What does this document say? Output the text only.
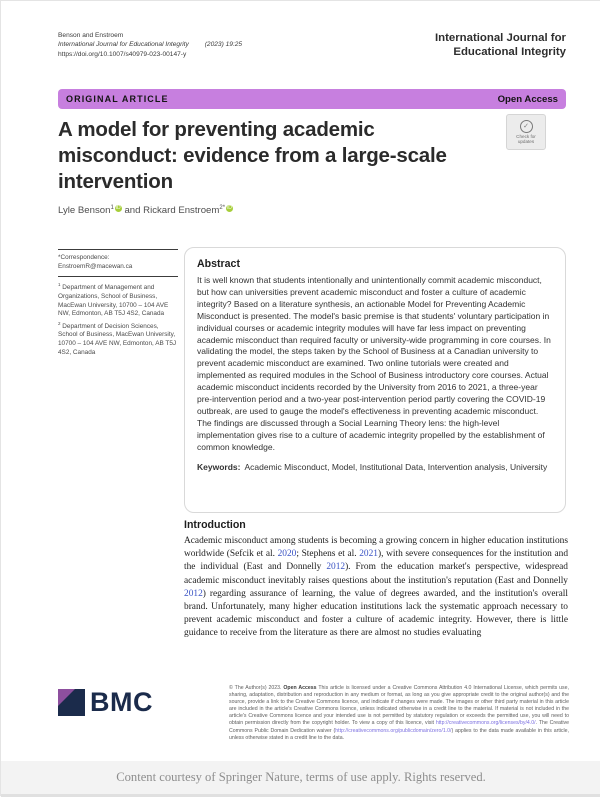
Benson and Enstroem
International Journal for Educational Integrity (2023) 19:25
https://doi.org/10.1007/s40979-023-00147-y
International Journal for
Educational Integrity
ORIGINAL ARTICLE	Open Access
A model for preventing academic misconduct: evidence from a large-scale intervention
✓
Check for
updates
Lyle Benson$^1$ iD and Rickard Enstroem$^{2*}$ iD
*Correspondence:
EnstroemR@macewan.ca
$^1$ Department of Management and Organizations, School of Business, MacEwan University, 10700 – 104 AVE NW, Edmonton, AB T5J 4S2, Canada
$^2$ Department of Decision Sciences, School of Business, MacEwan University, 10700 – 104 AVE NW, Edmonton, AB T5J 4S2, Canada
Abstract
It is well known that students intentionally and unintentionally commit academic misconduct, but how can universities prevent academic misconduct and foster a culture of academic integrity? Based on a literature synthesis, an actionable Model for Preventing Academic Misconduct is presented. The model's basic premise is that students' voluntary participation in individual courses or academic integrity modules will have far less impact on preventing academic misconduct than required faculty or university-wide programming in core courses. In validating the model, the steps taken by the School of Business at a Canadian university to prevent academic misconduct are examined. Two online tutorials were created and implemented as required modules in the School of Business introductory core courses. Actual academic misconduct incidents recorded by the University from 2016 to 2021, a three-year pre-intervention period and a two-year post-intervention period partly covering the COVID-19 outbreak, are used to gauge the model's effectiveness in preventing academic misconduct. The findings are discussed through a Social Learning Theory lens: the high-level implementation gives rise to a culture of academic integrity propelled by the establishment of common knowledge.
Keywords: Academic Misconduct, Model, Institutional Data, Intervention analysis, University
Introduction
Academic misconduct among students is becoming a growing concern in higher education institutions worldwide (Sefcik et al. 2020; Stephens et al. 2021), with severe consequences for the institution and the individual (East and Donnelly 2012). From the education market's perspective, widespread academic misconduct inevitably raises questions about the institution's reputation (East and Donnelly 2012) regarding assurance of learning, the value of degrees awarded, and the institution's overall brand. Unfortunately, many higher education institutions lack the systematic approach necessary to prevent academic misconduct and foster a culture of academic integrity. However, there is little guidance to receive from the literature as there are almost no studies evaluating
BMC	© The Author(s) 2023. Open Access This article is licensed under a Creative Commons Attribution 4.0 International License, which permits use, sharing, adaptation, distribution and reproduction in any medium or format, as long as you give appropriate credit to the original author(s) and the source, provide a link to the Creative Commons licence, and indicate if changes were made. The images or other third party material in this article are included in the article's Creative Commons licence, unless indicated otherwise in a credit line to the material. If material is not included in the article's Creative Commons licence and your intended use is not permitted by statutory regulation or exceeds the permitted use, you will need to obtain permission directly from the copyright holder. To view a copy of this licence, visit http://creativecommons.org/licenses/by/4.0/. The Creative Commons Public Domain Dedication waiver (http://creativecommons.org/publicdomain/zero/1.0/) applies to the data made available in this article, unless otherwise stated in a credit line to the data.
Content courtesy of Springer Nature, terms of use apply. Rights reserved.
